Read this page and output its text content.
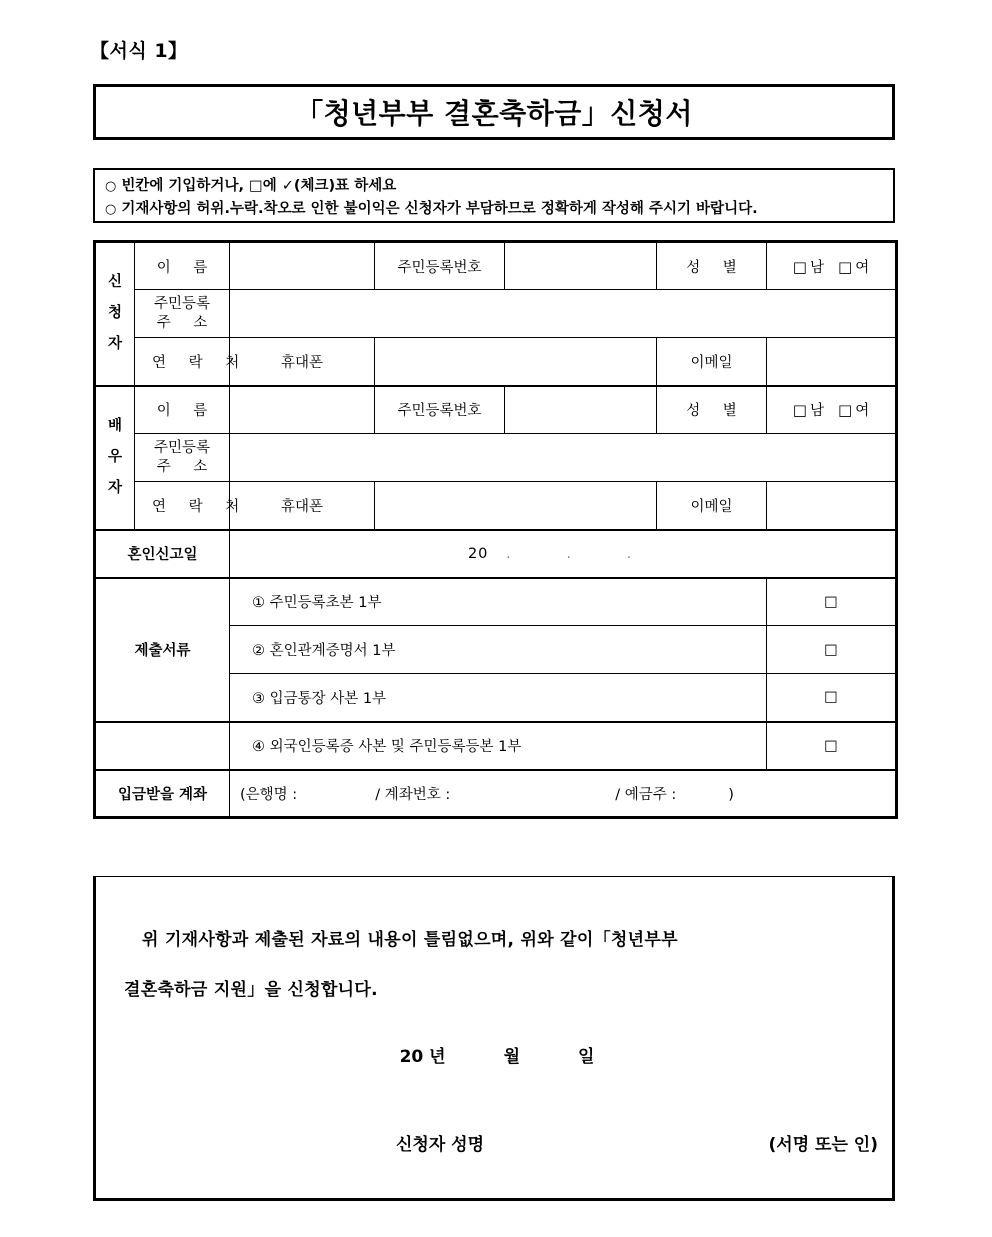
【서식 1】
「청년부부 결혼축하금」신청서
○ 빈칸에 기입하거나, □에 ✓(체크)표 하세요
○ 기재사항의 허위.누락.착오로 인한 불이익은 신청자가 부담하므로 정확하게 작성해 주시기 바랍니다.
신
청
자	이 름		주민등록번호		성 별	□ 남 □ 여

	주민등록
주 소					

	연 락 처	휴대폰			이메일	

배
우
자	이 름		주민등록번호		성 별	□ 남 □ 여

	주민등록
주 소					

	연 락 처	휴대폰			이메일	
혼인신고일		20 . . .				
제출서류		① 주민등록초본 1부				□
		② 혼인관계증명서 1부				□
		③ 입금통장 사본 1부				□
		④ 외국인등록증 사본 및 주민등록등본 1부				□
입금받을 계좌		(은행명 : / 계좌번호 : / 예금주 : )				
위 기재사항과 제출된 자료의 내용이 틀림없으며, 위와 같이「청년부부
결혼축하금 지원」을 신청합니다.
20 년	월	일
신청자 성명	(서명 또는 인)
